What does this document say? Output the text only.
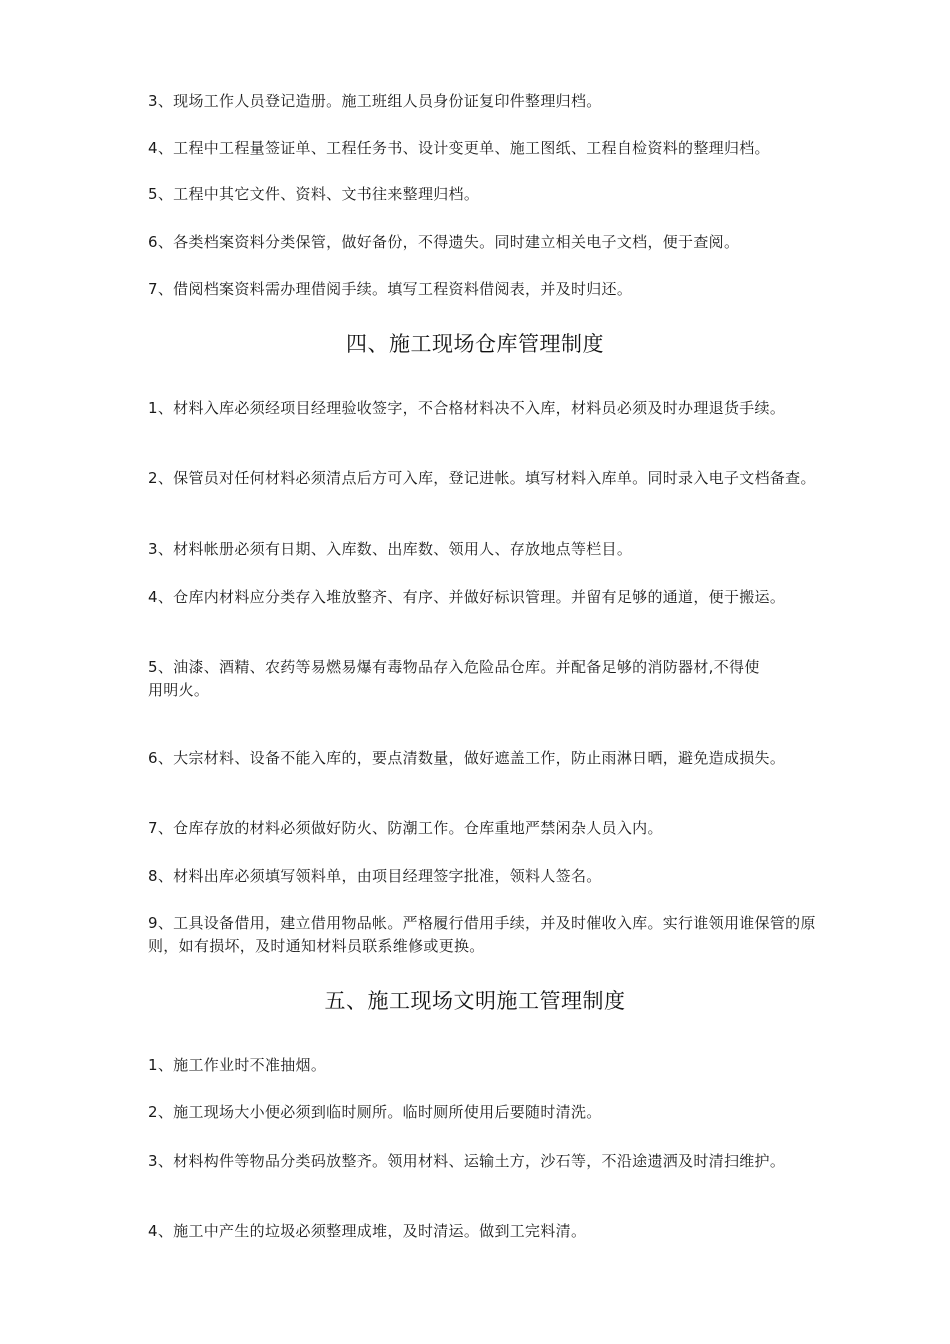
3、现场工作人员登记造册。施工班组人员身份证复印件整理归档。
4、工程中工程量签证单、工程任务书、设计变更单、施工图纸、工程自检资料的整理归档。
5、工程中其它文件、资料、文书往来整理归档。
6、各类档案资料分类保管，做好备份，不得遗失。同时建立相关电子文档，便于查阅。
7、借阅档案资料需办理借阅手续。填写工程资料借阅表，并及时归还。
四、施工现场仓库管理制度
1、材料入库必须经项目经理验收签字，不合格材料决不入库，材料员必须及时办理退货手续。
2、保管员对任何材料必须清点后方可入库，登记进帐。填写材料入库单。同时录入电子文档备查。
3、材料帐册必须有日期、入库数、出库数、领用人、存放地点等栏目。
4、仓库内材料应分类存入堆放整齐、有序、并做好标识管理。并留有足够的通道，便于搬运。
5、油漆、酒精、农药等易燃易爆有毒物品存入危险品仓库。并配备足够的消防器材,不得使
用明火。
6、大宗材料、设备不能入库的，要点清数量，做好遮盖工作，防止雨淋日晒，避免造成损失。
7、仓库存放的材料必须做好防火、防潮工作。仓库重地严禁闲杂人员入内。
8、材料出库必须填写领料单，由项目经理签字批准，领料人签名。
9、工具设备借用，建立借用物品帐。严格履行借用手续，并及时催收入库。实行谁领用谁保管的原则，如有损坏，及时通知材料员联系维修或更换。
五、施工现场文明施工管理制度
1、施工作业时不准抽烟。
2、施工现场大小便必须到临时厕所。临时厕所使用后要随时清洗。
3、材料构件等物品分类码放整齐。领用材料、运输土方，沙石等，不沿途遗洒及时清扫维护。
4、施工中产生的垃圾必须整理成堆，及时清运。做到工完料清。
